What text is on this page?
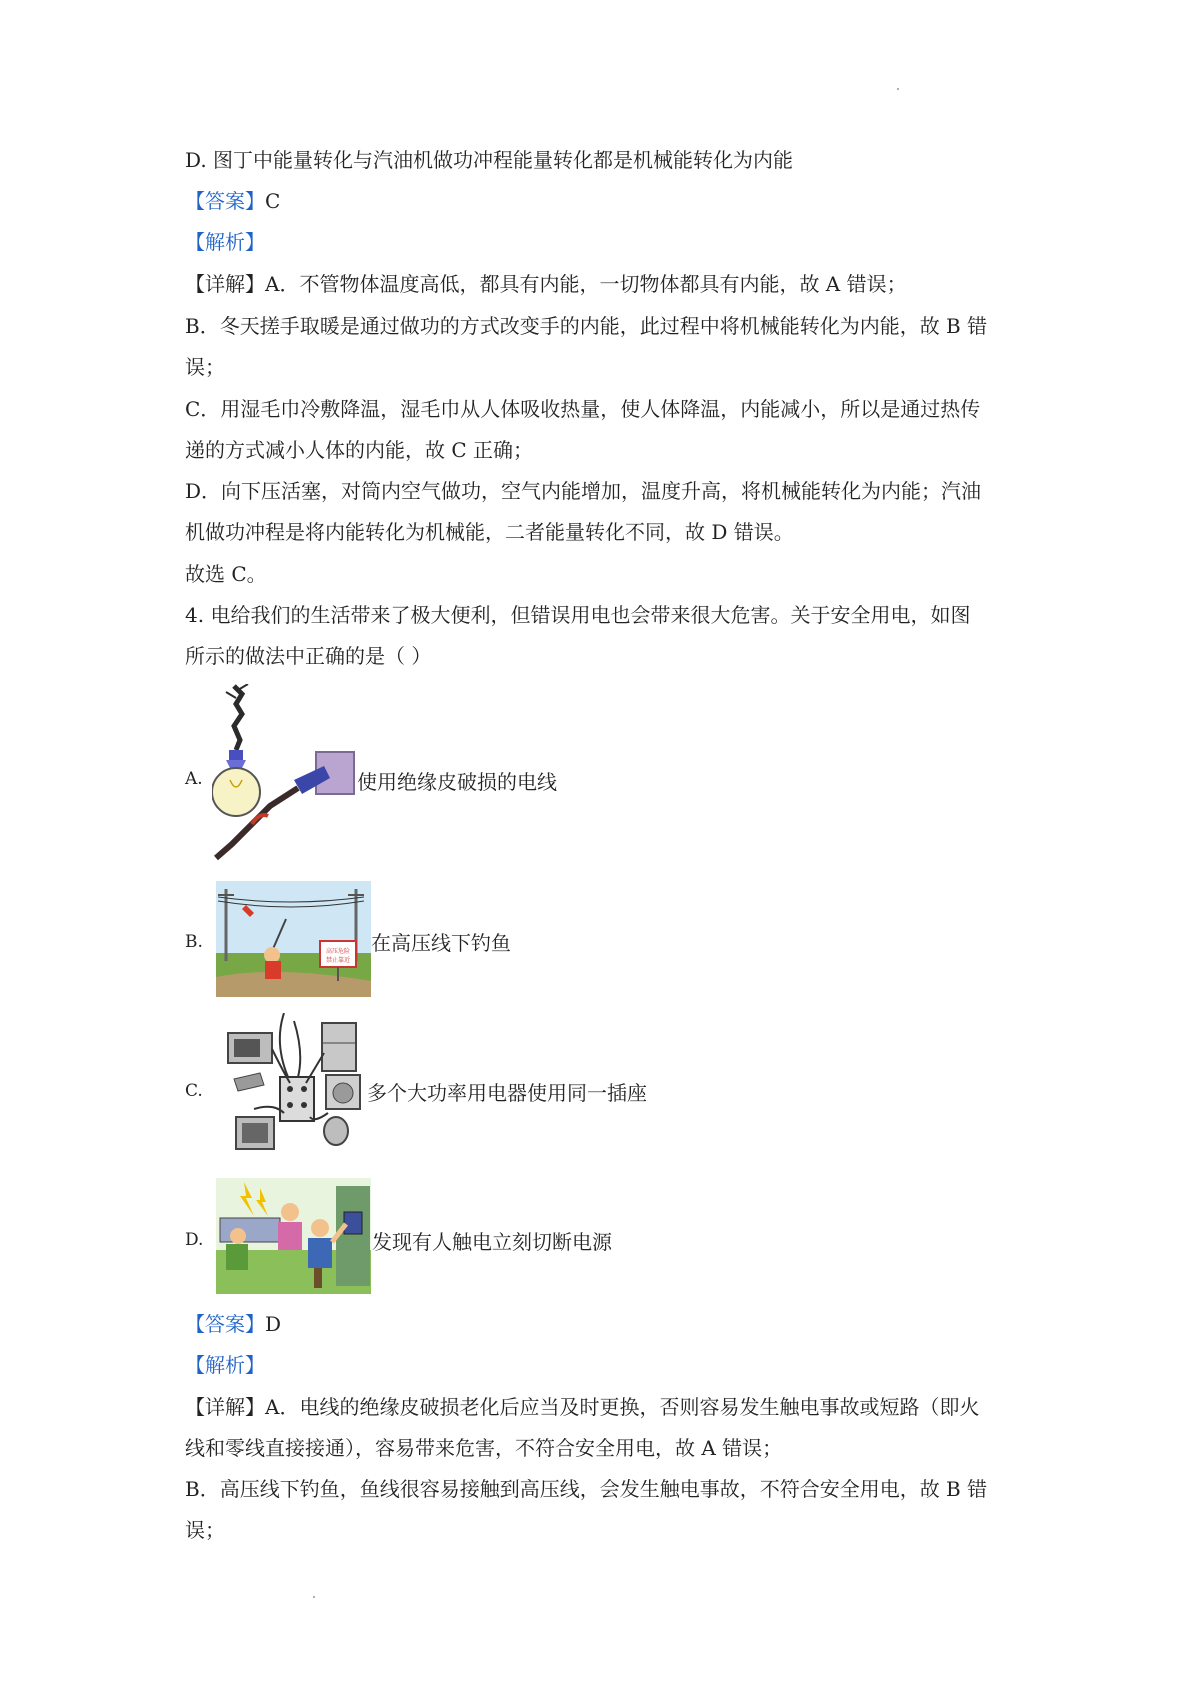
D. 图丁中能量转化与汽油机做功冲程能量转化都是机械能转化为内能
【答案】C
【解析】
【详解】A．不管物体温度高低，都具有内能，一切物体都具有内能，故 A 错误；
B．冬天搓手取暖是通过做功的方式改变手的内能，此过程中将机械能转化为内能，故 B 错
误；
C．用湿毛巾冷敷降温，湿毛巾从人体吸收热量，使人体降温，内能减小，所以是通过热传
递的方式减小人体的内能，故 C 正确；
D．向下压活塞，对筒内空气做功，空气内能增加，温度升高，将机械能转化为内能；汽油
机做功冲程是将内能转化为机械能，二者能量转化不同，故 D 错误。
故选 C。
4. 电给我们的生活带来了极大便利，但错误用电也会带来很大危害。关于安全用电，如图
所示的做法中正确的是（ ）
A.	使用绝缘皮破损的电线
B.	高压危险
禁止靠近
在高压线下钓鱼
C.	多个大功率用电器使用同一插座
D.	发现有人触电立刻切断电源
【答案】D
【解析】
【详解】A．电线的绝缘皮破损老化后应当及时更换，否则容易发生触电事故或短路（即火
线和零线直接接通），容易带来危害，不符合安全用电，故 A 错误；
B．高压线下钓鱼，鱼线很容易接触到高压线，会发生触电事故，不符合安全用电，故 B 错
误；
